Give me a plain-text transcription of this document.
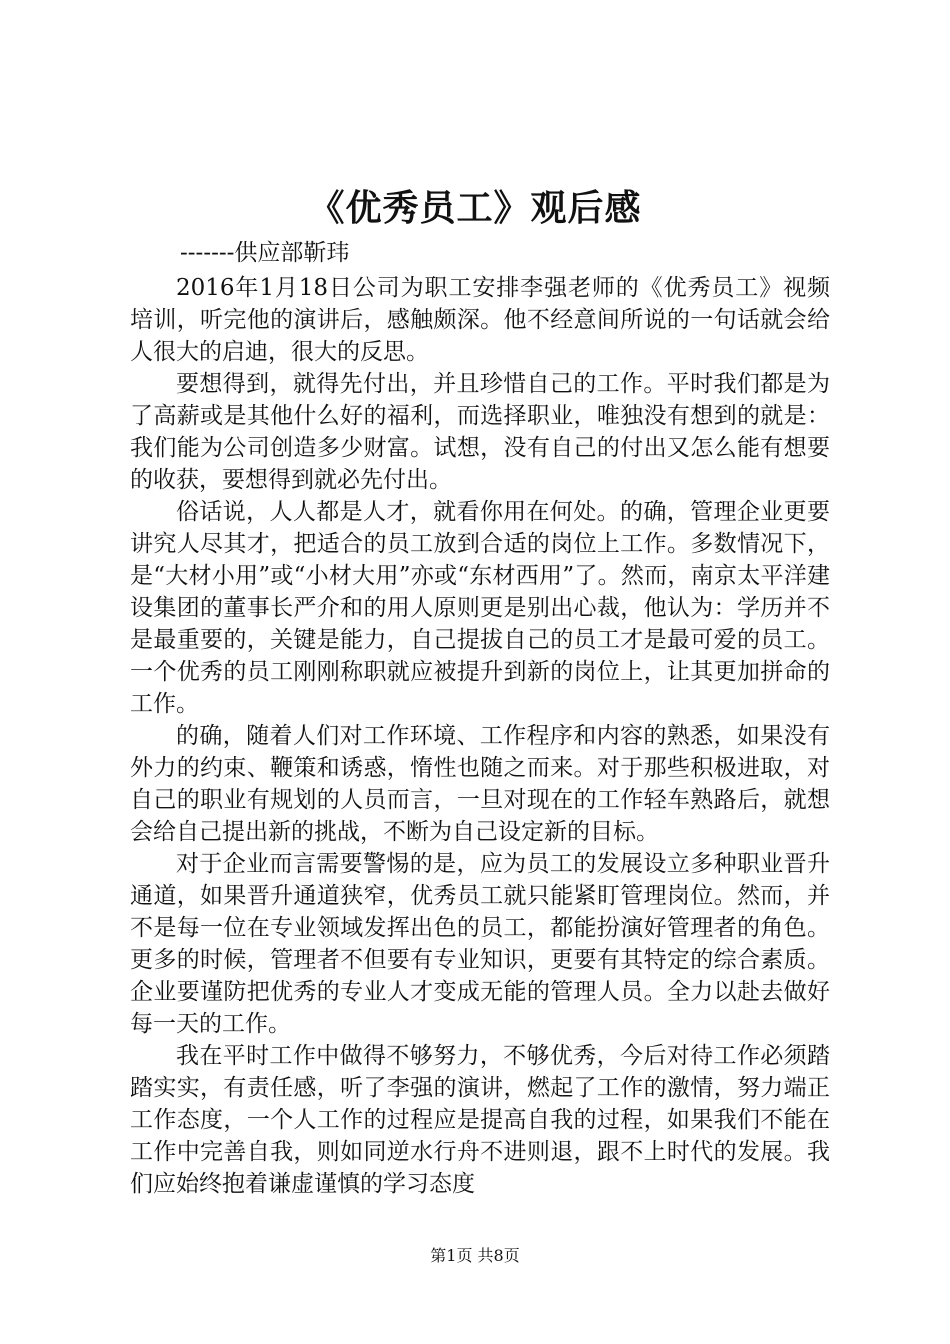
《优秀员工》观后感
-------供应部靳玮

2016年1月18日公司为职工安排李强老师的《优秀员工》视频培训，听完他的演讲后，感触颇深。他不经意间所说的一句话就会给人很大的启迪，很大的反思。

要想得到，就得先付出，并且珍惜自己的工作。平时我们都是为了高薪或是其他什么好的福利，而选择职业，唯独没有想到的就是：我们能为公司创造多少财富。试想，没有自己的付出又怎么能有想要的收获，要想得到就必先付出。

俗话说，人人都是人才，就看你用在何处。的确，管理企业更要讲究人尽其才，把适合的员工放到合适的岗位上工作。多数情况下，是“大材小用”或“小材大用”亦或“东材西用”了。然而，南京太平洋建设集团的董事长严介和的用人原则更是别出心裁，他认为：学历并不是最重要的，关键是能力，自己提拔自己的员工才是最可爱的员工。一个优秀的员工刚刚称职就应被提升到新的岗位上，让其更加拼命的工作。

的确，随着人们对工作环境、工作程序和内容的熟悉，如果没有外力的约束、鞭策和诱惑，惰性也随之而来。对于那些积极进取，对自己的职业有规划的人员而言，一旦对现在的工作轻车熟路后，就想会给自己提出新的挑战，不断为自己设定新的目标。

对于企业而言需要警惕的是，应为员工的发展设立多种职业晋升通道，如果晋升通道狭窄，优秀员工就只能紧盯管理岗位。然而，并不是每一位在专业领域发挥出色的员工，都能扮演好管理者的角色。更多的时候，管理者不但要有专业知识，更要有其特定的综合素质。企业要谨防把优秀的专业人才变成无能的管理人员。全力以赴去做好每一天的工作。

我在平时工作中做得不够努力，不够优秀，今后对待工作必须踏踏实实，有责任感，听了李强的演讲，燃起了工作的激情，努力端正工作态度，一个人工作的过程应是提高自我的过程，如果我们不能在工作中完善自我，则如同逆水行舟不进则退，跟不上时代的发展。我们应始终抱着谦虚谨慎的学习态度

第1页 共8页
